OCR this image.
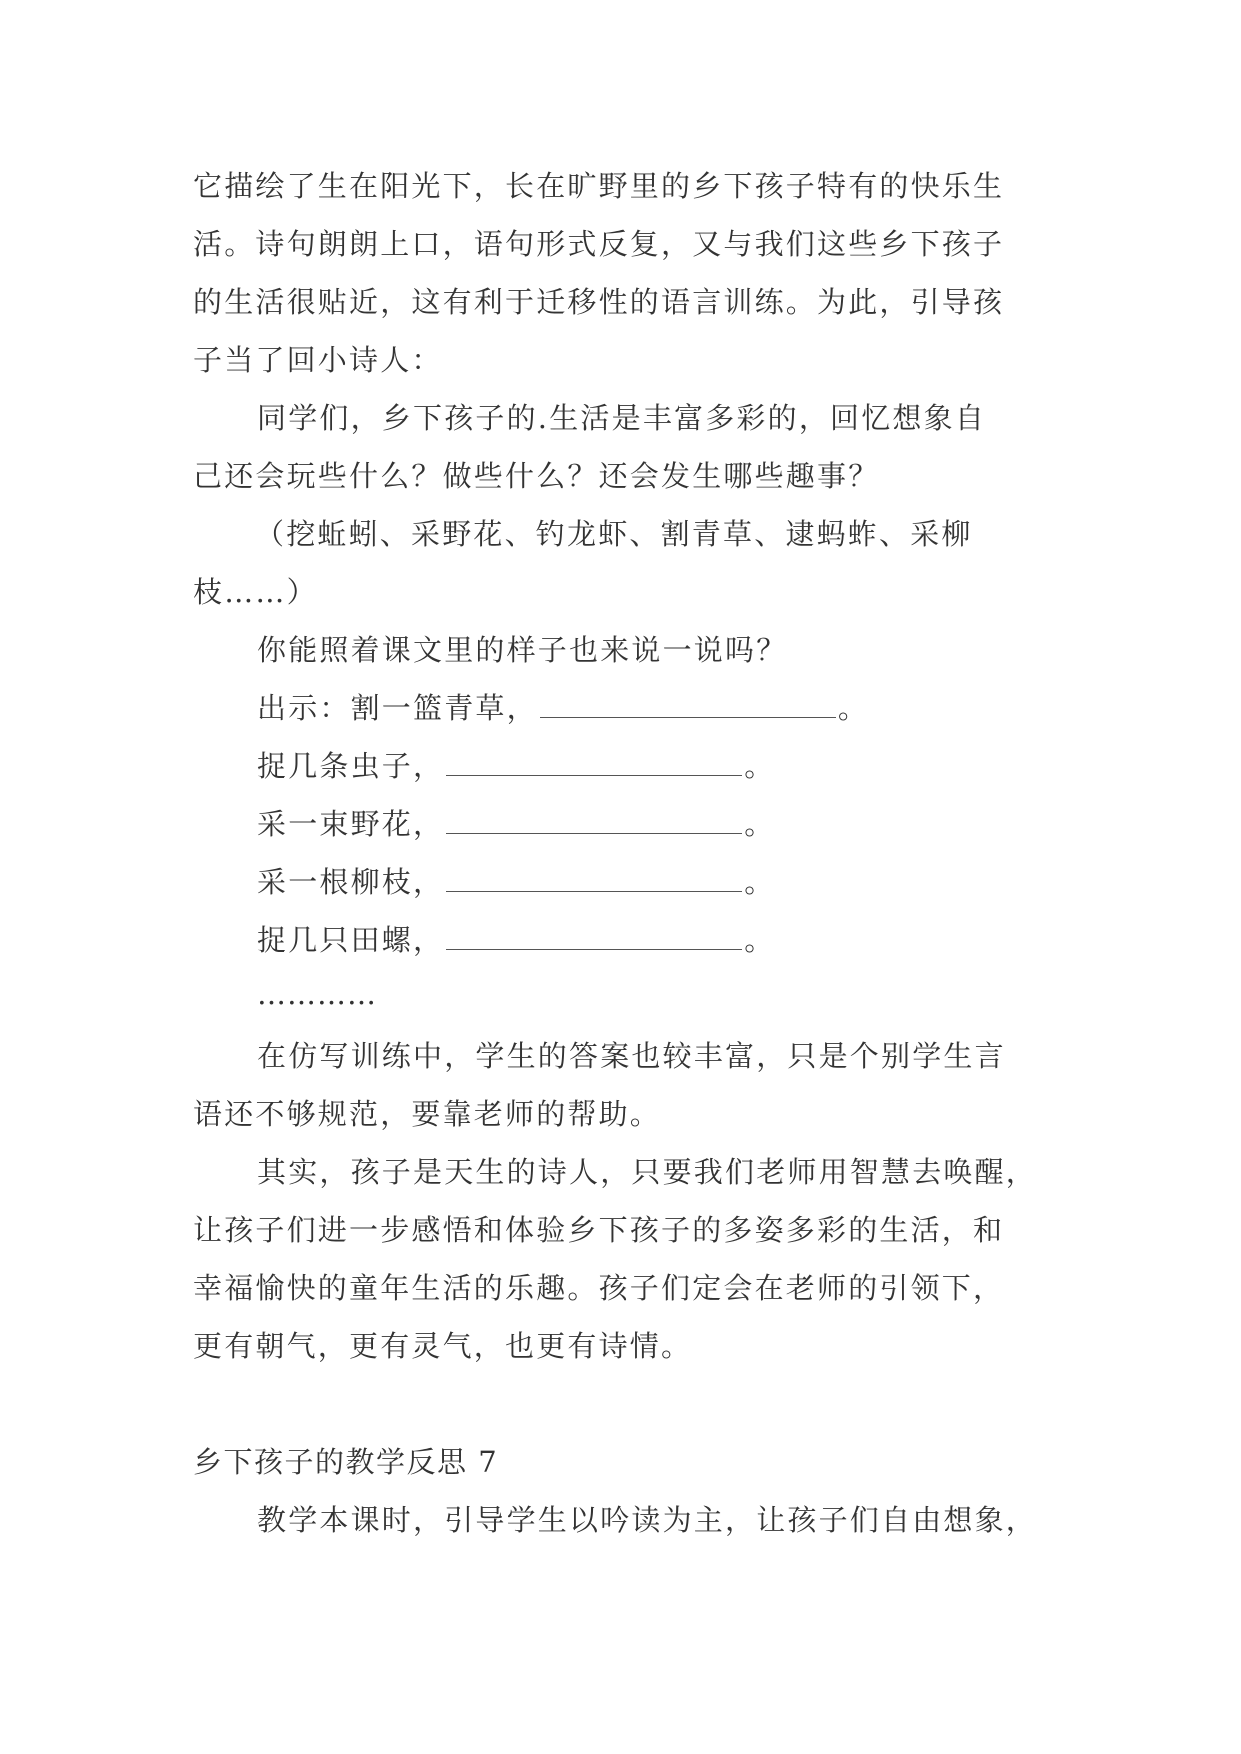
它描绘了生在阳光下，长在旷野里的乡下孩子特有的快乐生
活。诗句朗朗上口，语句形式反复，又与我们这些乡下孩子
的生活很贴近，这有利于迁移性的语言训练。为此，引导孩
子当了回小诗人：
同学们，乡下孩子的.生活是丰富多彩的，回忆想象自
己还会玩些什么？做些什么？还会发生哪些趣事？
（挖蚯蚓、采野花、钓龙虾、割青草、逮蚂蚱、采柳
枝……）
你能照着课文里的样子也来说一说吗？
出示：割一篮青草，	。
捉几条虫子，	。
采一束野花，	。
采一根柳枝，	。
捉几只田螺，	。
…………
在仿写训练中，学生的答案也较丰富，只是个别学生言
语还不够规范，要靠老师的帮助。
其实，孩子是天生的诗人，只要我们老师用智慧去唤醒，
让孩子们进一步感悟和体验乡下孩子的多姿多彩的生活，和
幸福愉快的童年生活的乐趣。孩子们定会在老师的引领下，
更有朝气，更有灵气，也更有诗情。
乡下孩子的教学反思 7
教学本课时，引导学生以吟读为主，让孩子们自由想象，
